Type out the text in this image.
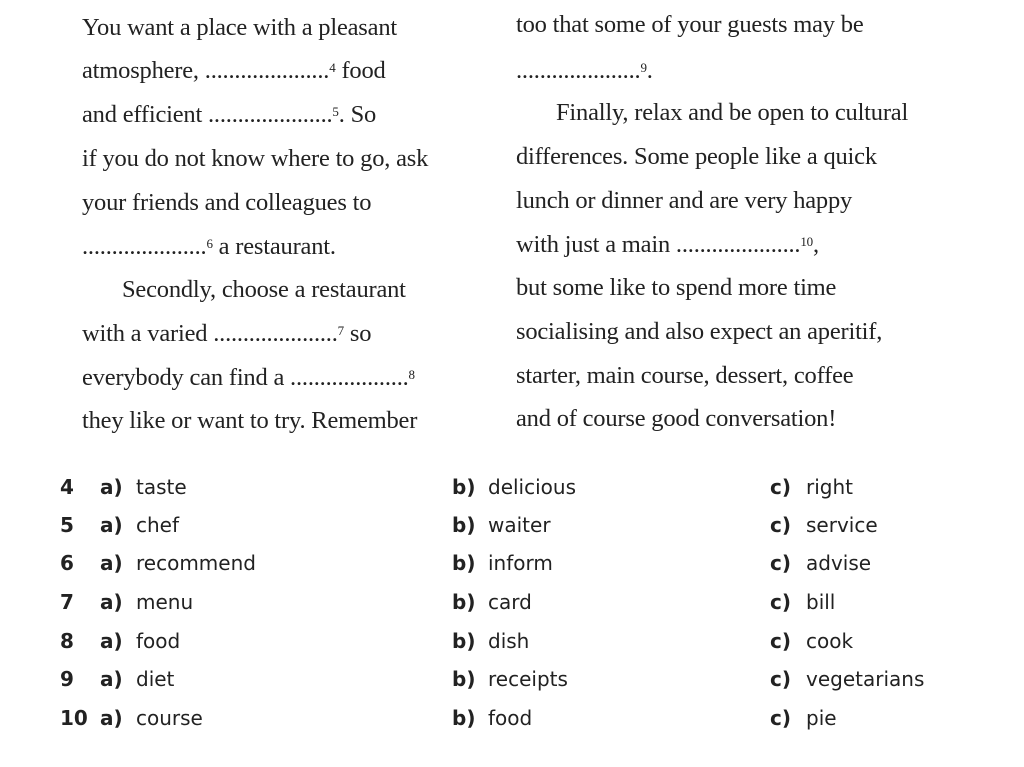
You want a place with a pleasant
atmosphere, .....................$^4$ food
and efficient .....................$^5$. So
if you do not know where to go, ask
your friends and colleagues to
.....................$^6$ a restaurant.
Secondly, choose a restaurant
with a varied .....................$^7$ so
everybody can find a ....................$^8$
they like or want to try. Remember
too that some of your guests may be
.....................$^9$.
Finally, relax and be open to cultural
differences. Some people like a quick
lunch or dinner and are very happy
with just a main .....................$^{10}$,
but some like to spend more time
socialising and also expect an aperitif,
starter, main course, dessert, coffee
and of course good conversation!
4	a) taste	b) delicious	c) right
5	a) chef	b) waiter	c) service
6	a) recommend	b) inform	c) advise
7	a) menu	b) card	c) bill
8	a) food	b) dish	c) cook
9	a) diet	b) receipts	c) vegetarians
10 a) course	b) food	c) pie
